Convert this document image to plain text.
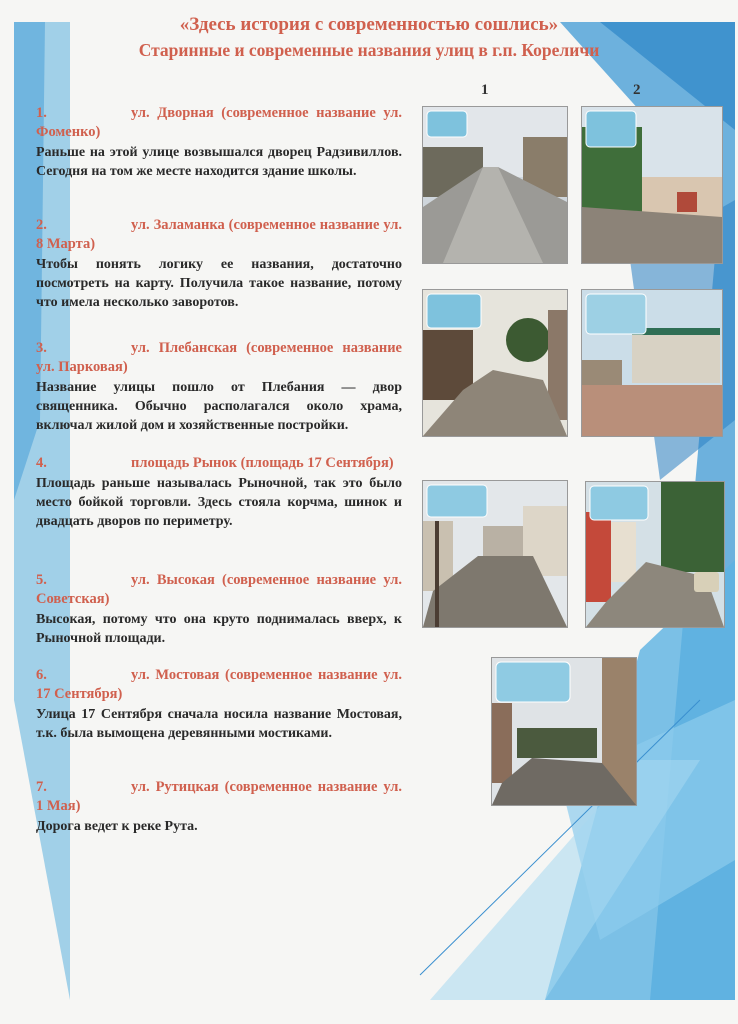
«Здесь история с современностью сошлись»
Старинные и современные названия улиц в г.п. Кореличи
1	2
1.	ул. Дворная (современное название ул. Фоменко)
Раньше на этой улице возвышался дворец Радзивиллов. Сегодня на том же месте находится здание школы.
2.	ул. Заламанка (современное название ул. 8 Марта)
Чтобы понять логику ее названия, достаточно посмотреть на карту. Получила такое название, потому что имела несколько заворотов.
3.	ул. Плебанская (современное название ул. Парковая)
Название улицы пошло от Плебания — двор священника. Обычно располагался около храма, включал жилой дом и хозяйственные постройки.
4.	площадь Рынок (площадь 17 Сентября)
Площадь раньше называлась Рыночной, так это было место бойкой торговли. Здесь стояла корчма, шинок и двадцать дворов по периметру.
5.	ул. Высокая (современное название ул. Советская)
Высокая, потому что она круто поднималась вверх, к Рыночной площади.
6.	ул. Мостовая (современное название ул. 17 Сентября)
Улица 17 Сентября сначала носила название Мостовая, т.к. была вымощена деревянными мостиками.
7.	ул. Рутицкая (современное название ул. 1 Мая)
Дорога ведет к реке Рута.
